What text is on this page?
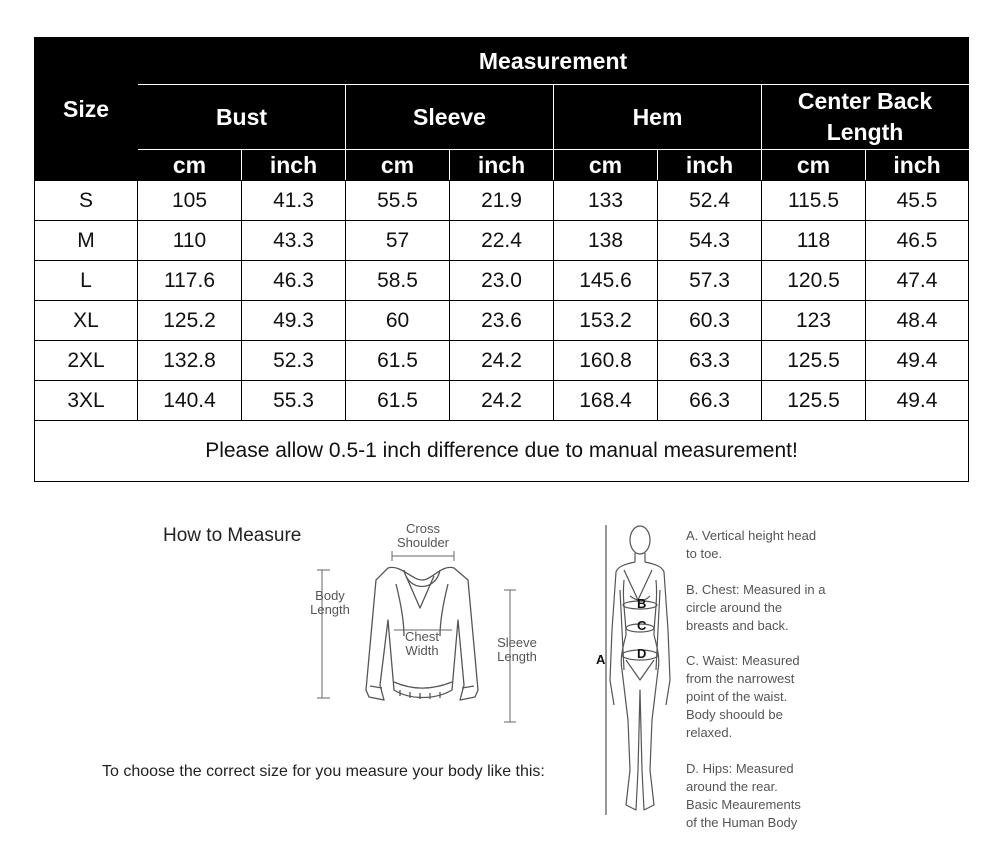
Size	Measurement							
	Bust		Sleeve		Hem		Center Back
Length	
	cm	inch	cm	inch	cm	inch	cm	inch
S	105	41.3	55.5	21.9	133	52.4	115.5	45.5
M	110	43.3	57	22.4	138	54.3	118	46.5
L	117.6	46.3	58.5	23.0	145.6	57.3	120.5	47.4
XL	125.2	49.3	60	23.6	153.2	60.3	123	48.4
2XL	132.8	52.3	61.5	24.2	160.8	63.3	125.5	49.4
3XL	140.4	55.3	61.5	24.2	168.4	66.3	125.5	49.4
Please allow 0.5-1 inch difference due to manual measurement!								
How to Measure	Cross
Shoulder
Body
Length
Chest
Width
Sleeve
Length
To choose the correct size for you measure your body like this:
A
B
C
D
A. Vertical height head
to toe.
B. Chest: Measured in a
circle around the
breasts and back.
C. Waist: Measured
from the narrowest
point of the waist.
Body shoould be
relaxed.
D. Hips: Measured
around the rear.
Basic Meaurements
of the Human Body
